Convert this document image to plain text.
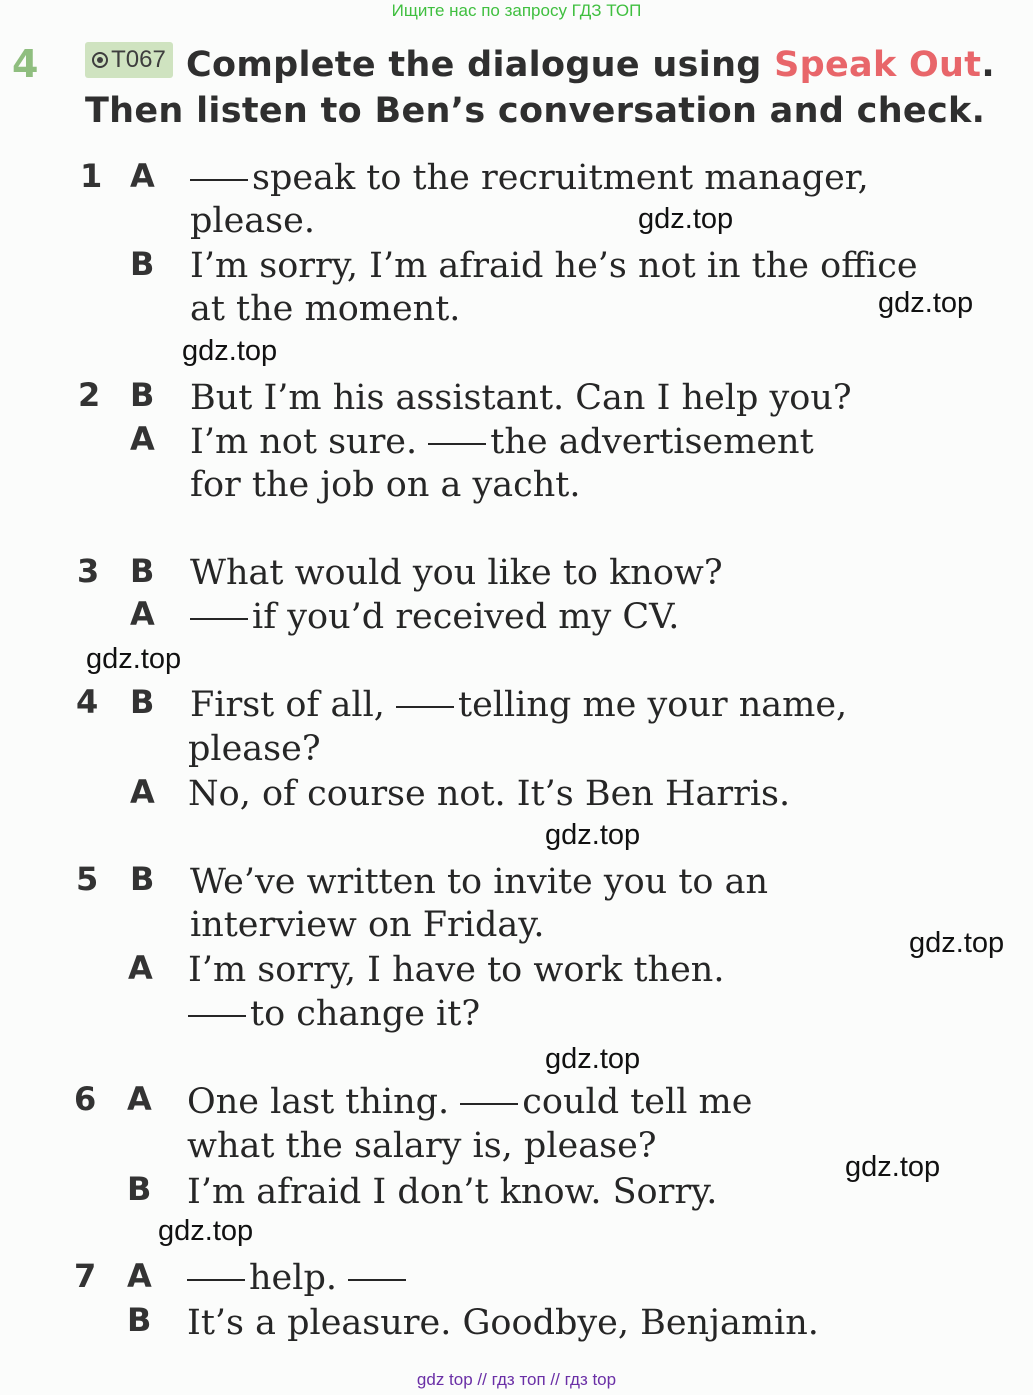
Ищите нас по запросу ГДЗ ТОП
4	T067 Complete the dialogue using Speak Out.
Then listen to Ben’s conversation and check.
1 A	speak to the recruitment manager,
please.
B I’m sorry, I’m afraid he’s not in the office
at the moment.
2 B But I’m his assistant. Can I help you?
A I’m not sure. the advertisement
for the job on a yacht.
3 B What would you like to know?
A	if you’d received my CV.
4 B First of all, telling me your name,
please?
A No, of course not. It’s Ben Harris.
5 B We’ve written to invite you to an
interview on Friday.
A I’m sorry, I have to work then.
to change it?
6 A One last thing. could tell me
what the salary is, please?
B I’m afraid I don’t know. Sorry.
7 A	help.
B It’s a pleasure. Goodbye, Benjamin.
gdz.top
gdz.top
gdz.top
gdz.top
gdz.top
gdz.top
gdz.top
gdz.top
gdz.top
gdz top // гдз топ // гдз top
